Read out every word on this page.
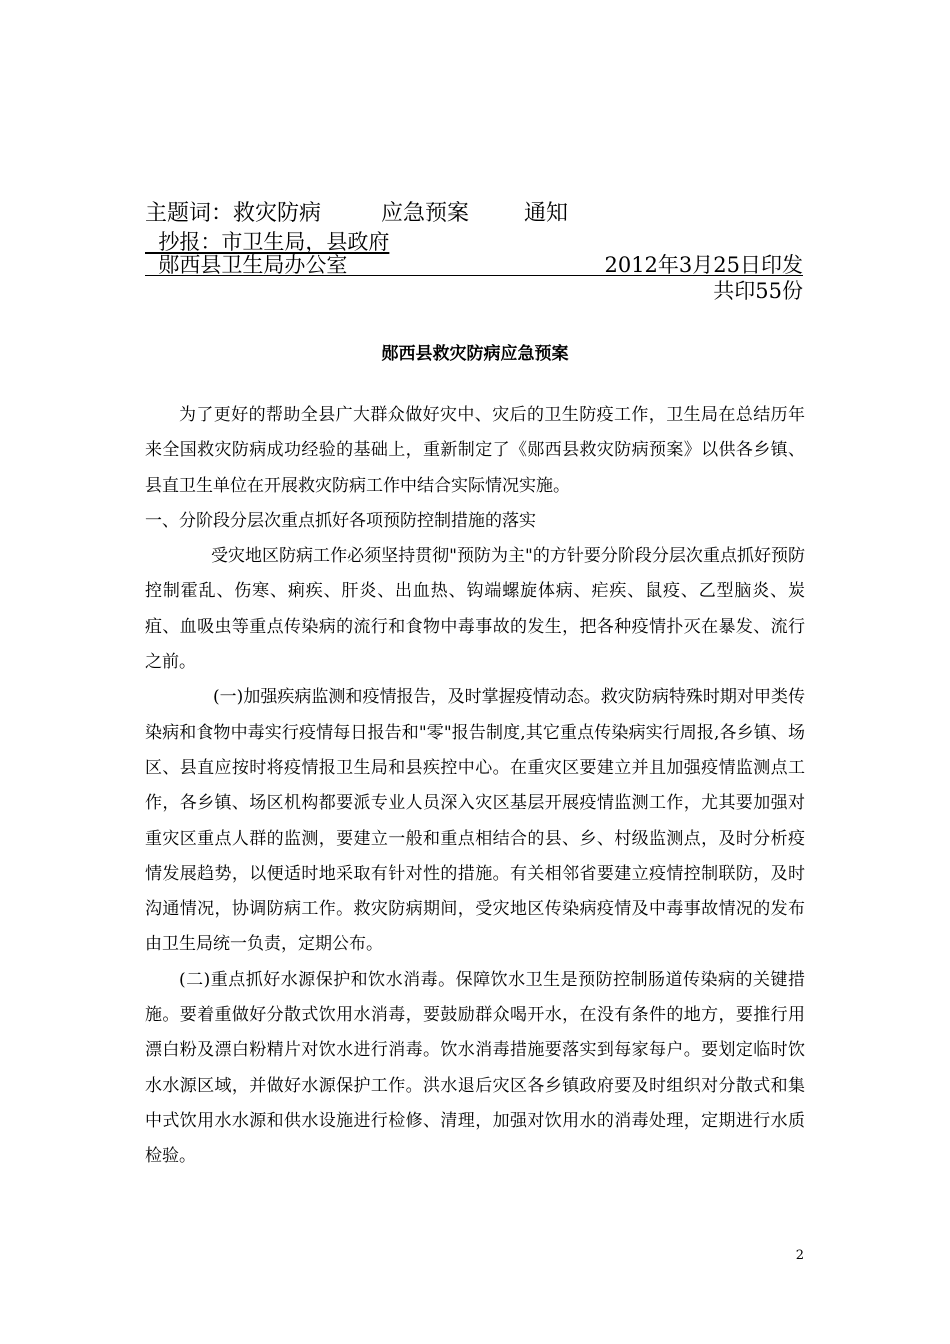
主题词：救灾防病	应急预案	通知
抄报：市卫生局，县政府
郧西县卫生局办公室	2012年3月25日印发
共印55份
郧西县救灾防病应急预案

为了更好的帮助全县广大群众做好灾中、灾后的卫生防疫工作，卫生局在总结历年来全国救灾防病成功经验的基础上，重新制定了《郧西县救灾防病预案》以供各乡镇、县直卫生单位在开展救灾防病工作中结合实际情况实施。

一、分阶段分层次重点抓好各项预防控制措施的落实

受灾地区防病工作必须坚持贯彻"预防为主"的方针要分阶段分层次重点抓好预防控制霍乱、伤寒、痢疾、肝炎、出血热、钩端螺旋体病、疟疾、鼠疫、乙型脑炎、炭疽、血吸虫等重点传染病的流行和食物中毒事故的发生，把各种疫情扑灭在暴发、流行之前。

(一)加强疾病监测和疫情报告，及时掌握疫情动态。救灾防病特殊时期对甲类传染病和食物中毒实行疫情每日报告和"零"报告制度,其它重点传染病实行周报,各乡镇、场区、县直应按时将疫情报卫生局和县疾控中心。在重灾区要建立并且加强疫情监测点工作，各乡镇、场区机构都要派专业人员深入灾区基层开展疫情监测工作，尤其要加强对重灾区重点人群的监测，要建立一般和重点相结合的县、乡、村级监测点，及时分析疫情发展趋势，以便适时地采取有针对性的措施。有关相邻省要建立疫情控制联防，及时沟通情况，协调防病工作。救灾防病期间，受灾地区传染病疫情及中毒事故情况的发布由卫生局统一负责，定期公布。

(二)重点抓好水源保护和饮水消毒。保障饮水卫生是预防控制肠道传染病的关键措施。要着重做好分散式饮用水消毒，要鼓励群众喝开水，在没有条件的地方，要推行用漂白粉及漂白粉精片对饮水进行消毒。饮水消毒措施要落实到每家每户。要划定临时饮水水源区域，并做好水源保护工作。洪水退后灾区各乡镇政府要及时组织对分散式和集中式饮用水水源和供水设施进行检修、清理，加强对饮用水的消毒处理，定期进行水质检验。

2
